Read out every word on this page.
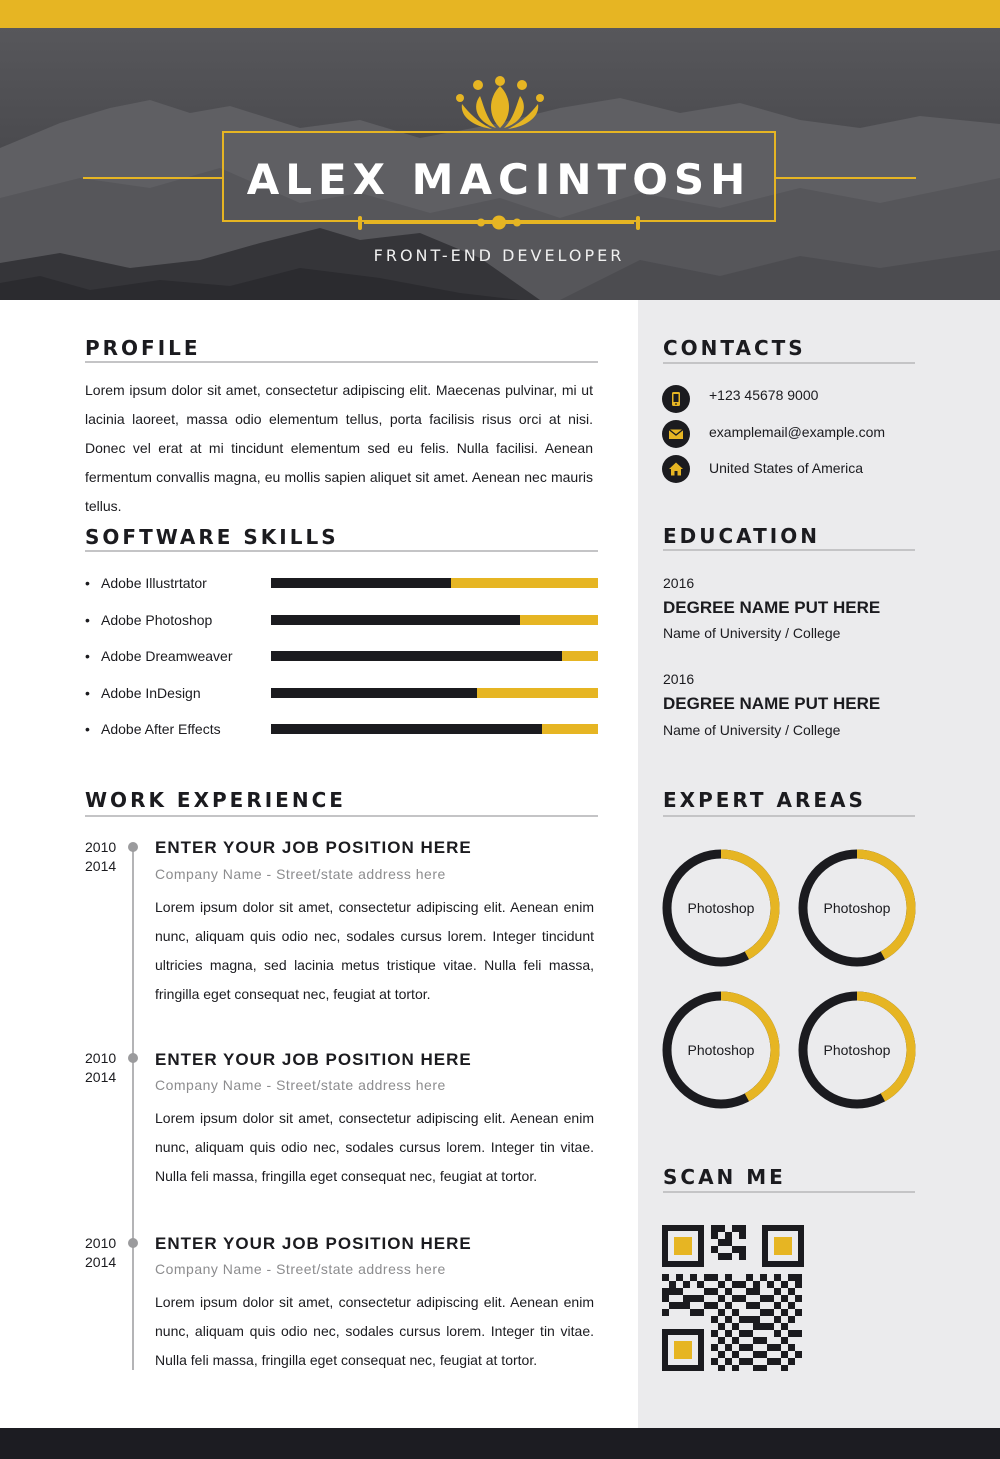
ALEX MACINTOSH
FRONT-END DEVELOPER
PROFILE
Lorem ipsum dolor sit amet, consectetur adipiscing elit. Maecenas pulvinar, mi ut lacinia laoreet, massa odio elementum tellus, porta facilisis risus orci at nisi. Donec vel erat at mi tincidunt elementum sed eu felis. Nulla facilisi. Aenean fermentum convallis magna, eu mollis sapien aliquet sit amet. Aenean nec mauris tellus.
SOFTWARE SKILLS
• Adobe Illustrtator
• Adobe Photoshop
• Adobe Dreamweaver
• Adobe InDesign
• Adobe After Effects
WORK EXPERIENCE
2010
2014
ENTER YOUR JOB POSITION HERE
Company Name - Street/state address here
Lorem ipsum dolor sit amet, consectetur adipiscing elit. Aenean enim nunc, aliquam quis odio nec, sodales cursus lorem. Integer tincidunt ultricies magna, sed lacinia metus tristique vitae. Nulla feli massa, fringilla eget consequat nec, feugiat at tortor.
2010
2014
ENTER YOUR JOB POSITION HERE
Company Name - Street/state address here
Lorem ipsum dolor sit amet, consectetur adipiscing elit. Aenean enim nunc, aliquam quis odio nec, sodales cursus lorem. Integer tin vitae. Nulla feli massa, fringilla eget consequat nec, feugiat at tortor.
2010
2014
ENTER YOUR JOB POSITION HERE
Company Name - Street/state address here
Lorem ipsum dolor sit amet, consectetur adipiscing elit. Aenean enim nunc, aliquam quis odio nec, sodales cursus lorem. Integer tin vitae. Nulla feli massa, fringilla eget consequat nec, feugiat at tortor.
CONTACTS
+123 45678 9000
examplemail@example.com
United States of America
EDUCATION
2016
DEGREE NAME PUT HERE
Name of University / College
2016
DEGREE NAME PUT HERE
Name of University / College
EXPERT AREAS
Photoshop	Photoshop
Photoshop	Photoshop
SCAN ME
